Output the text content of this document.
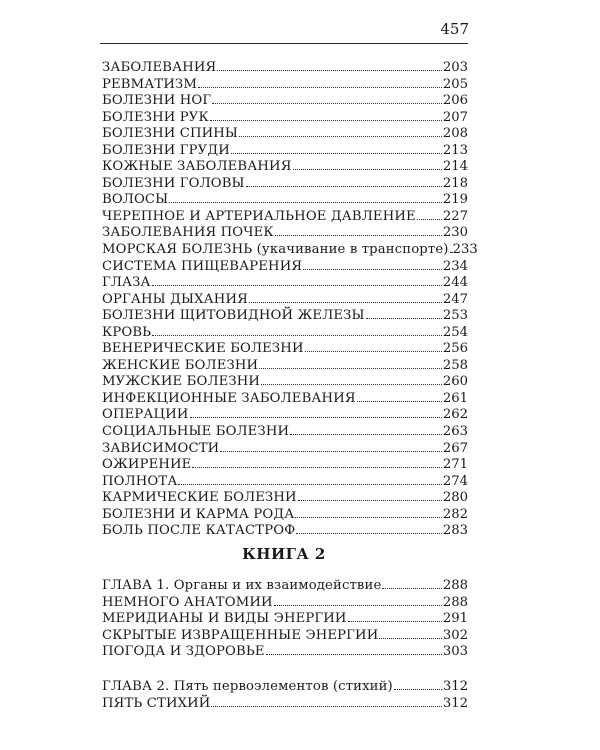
457
ЗАБОЛЕВАНИЯ	203
РЕВМАТИЗМ	205
БОЛЕЗНИ НОГ	206
БОЛЕЗНИ РУК	207
БОЛЕЗНИ СПИНЫ	208
БОЛЕЗНИ ГРУДИ	213
КОЖНЫЕ ЗАБОЛЕВАНИЯ	214
БОЛЕЗНИ ГОЛОВЫ	218
ВОЛОСЫ	219
ЧЕРЕПНОЕ И АРТЕРИАЛЬНОЕ ДАВЛЕНИЕ 227
ЗАБОЛЕВАНИЯ ПОЧЕК	230
МОРСКАЯ БОЛЕЗНЬ (укачивание в транспорте) 233
СИСТЕМА ПИЩЕВАРЕНИЯ	234
ГЛАЗА	244
ОРГАНЫ ДЫХАНИЯ	247
БОЛЕЗНИ ЩИТОВИДНОЙ ЖЕЛЕЗЫ	253
КРОВЬ	254
ВЕНЕРИЧЕСКИЕ БОЛЕЗНИ	256
ЖЕНСКИЕ БОЛЕЗНИ	258
МУЖСКИЕ БОЛЕЗНИ	260
ИНФЕКЦИОННЫЕ ЗАБОЛЕВАНИЯ	261
ОПЕРАЦИИ	262
СОЦИАЛЬНЫЕ БОЛЕЗНИ	263
ЗАВИСИМОСТИ	267
ОЖИРЕНИЕ	271
ПОЛНОТА	274
КАРМИЧЕСКИЕ БОЛЕЗНИ	280
БОЛЕЗНИ И КАРМА РОДА	282
БОЛЬ ПОСЛЕ КАТАСТРОФ	283
КНИГА 2
ГЛАВА 1. Органы и их взаимодействие	288
НЕМНОГО АНАТОМИИ	288
МЕРИДИАНЫ И ВИДЫ ЭНЕРГИИ	291
СКРЫТЫЕ ИЗВРАЩЕННЫЕ ЭНЕРГИИ	302
ПОГОДА И ЗДОРОВЬЕ	303
ГЛАВА 2. Пять первоэлементов (стихий)	312
ПЯТЬ СТИХИЙ	312
